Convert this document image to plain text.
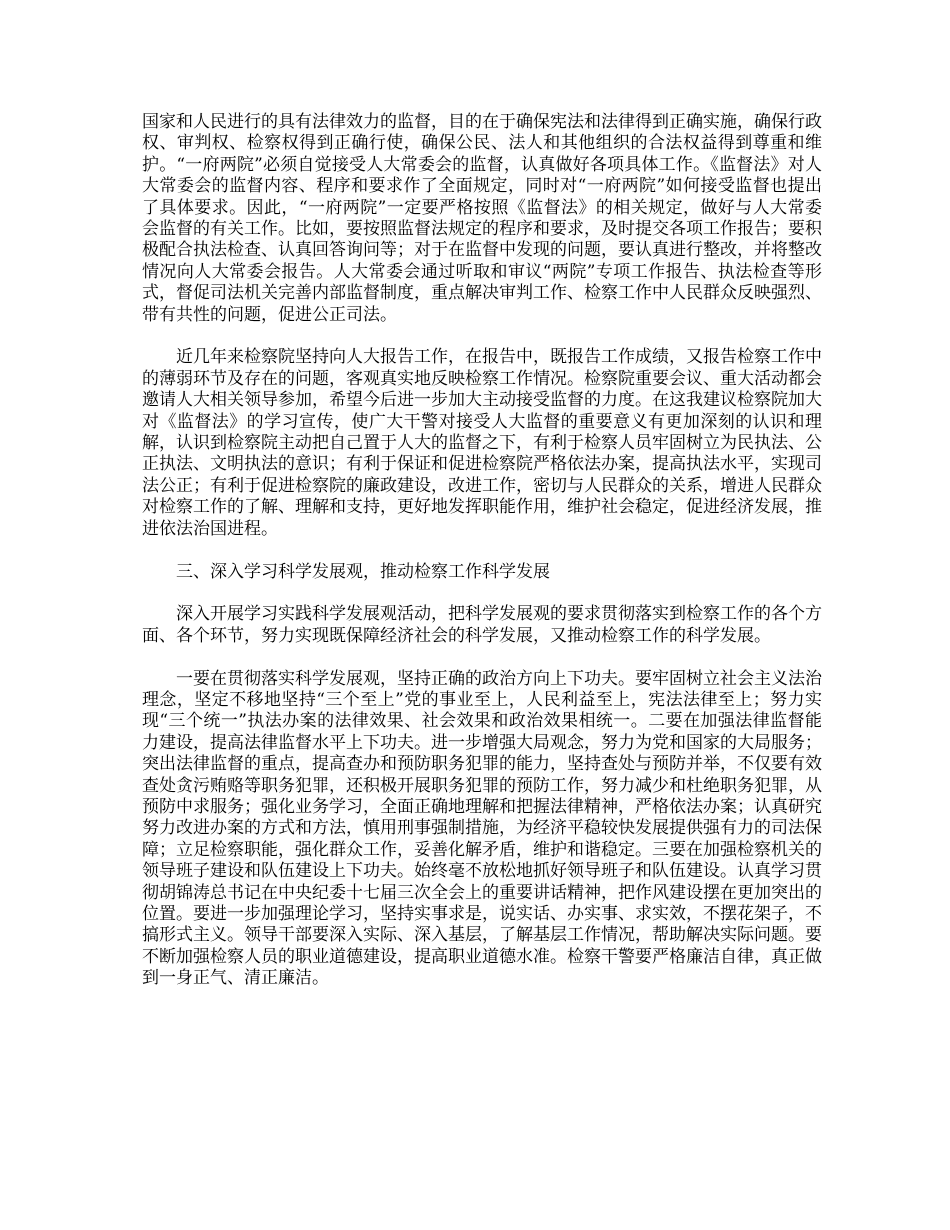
国家和人民进行的具有法律效力的监督，目的在于确保宪法和法律得到正确实施，确保行政权、审判权、检察权得到正确行使，确保公民、法人和其他组织的合法权益得到尊重和维护。“一府两院”必须自觉接受人大常委会的监督，认真做好各项具体工作。《监督法》对人大常委会的监督内容、程序和要求作了全面规定，同时对“一府两院”如何接受监督也提出了具体要求。因此，“一府两院”一定要严格按照《监督法》的相关规定，做好与人大常委会监督的有关工作。比如，要按照监督法规定的程序和要求，及时提交各项工作报告；要积极配合执法检查、认真回答询问等；对于在监督中发现的问题，要认真进行整改，并将整改情况向人大常委会报告。人大常委会通过听取和审议“两院”专项工作报告、执法检查等形式，督促司法机关完善内部监督制度，重点解决审判工作、检察工作中人民群众反映强烈、带有共性的问题，促进公正司法。

近几年来检察院坚持向人大报告工作，在报告中，既报告工作成绩，又报告检察工作中的薄弱环节及存在的问题，客观真实地反映检察工作情况。检察院重要会议、重大活动都会邀请人大相关领导参加，希望今后进一步加大主动接受监督的力度。在这我建议检察院加大对《监督法》的学习宣传，使广大干警对接受人大监督的重要意义有更加深刻的认识和理解，认识到检察院主动把自己置于人大的监督之下，有利于检察人员牢固树立为民执法、公正执法、文明执法的意识；有利于保证和促进检察院严格依法办案，提高执法水平，实现司法公正；有利于促进检察院的廉政建设，改进工作，密切与人民群众的关系，增进人民群众对检察工作的了解、理解和支持，更好地发挥职能作用，维护社会稳定，促进经济发展，推进依法治国进程。

三、深入学习科学发展观，推动检察工作科学发展

深入开展学习实践科学发展观活动，把科学发展观的要求贯彻落实到检察工作的各个方面、各个环节，努力实现既保障经济社会的科学发展，又推动检察工作的科学发展。

一要在贯彻落实科学发展观，坚持正确的政治方向上下功夫。要牢固树立社会主义法治理念，坚定不移地坚持“三个至上”党的事业至上，人民利益至上，宪法法律至上；努力实现“三个统一”执法办案的法律效果、社会效果和政治效果相统一。二要在加强法律监督能力建设，提高法律监督水平上下功夫。进一步增强大局观念，努力为党和国家的大局服务；突出法律监督的重点，提高查办和预防职务犯罪的能力，坚持查处与预防并举，不仅要有效查处贪污贿赂等职务犯罪，还积极开展职务犯罪的预防工作，努力减少和杜绝职务犯罪，从预防中求服务；强化业务学习，全面正确地理解和把握法律精神，严格依法办案；认真研究努力改进办案的方式和方法，慎用刑事强制措施，为经济平稳较快发展提供强有力的司法保障；立足检察职能，强化群众工作，妥善化解矛盾，维护和谐稳定。三要在加强检察机关的领导班子建设和队伍建设上下功夫。始终毫不放松地抓好领导班子和队伍建设。认真学习贯彻胡锦涛总书记在中央纪委十七届三次全会上的重要讲话精神，把作风建设摆在更加突出的位置。要进一步加强理论学习，坚持实事求是，说实话、办实事、求实效，不摆花架子，不搞形式主义。领导干部要深入实际、深入基层，了解基层工作情况，帮助解决实际问题。要不断加强检察人员的职业道德建设，提高职业道德水准。检察干警要严格廉洁自律，真正做到一身正气、清正廉洁。
